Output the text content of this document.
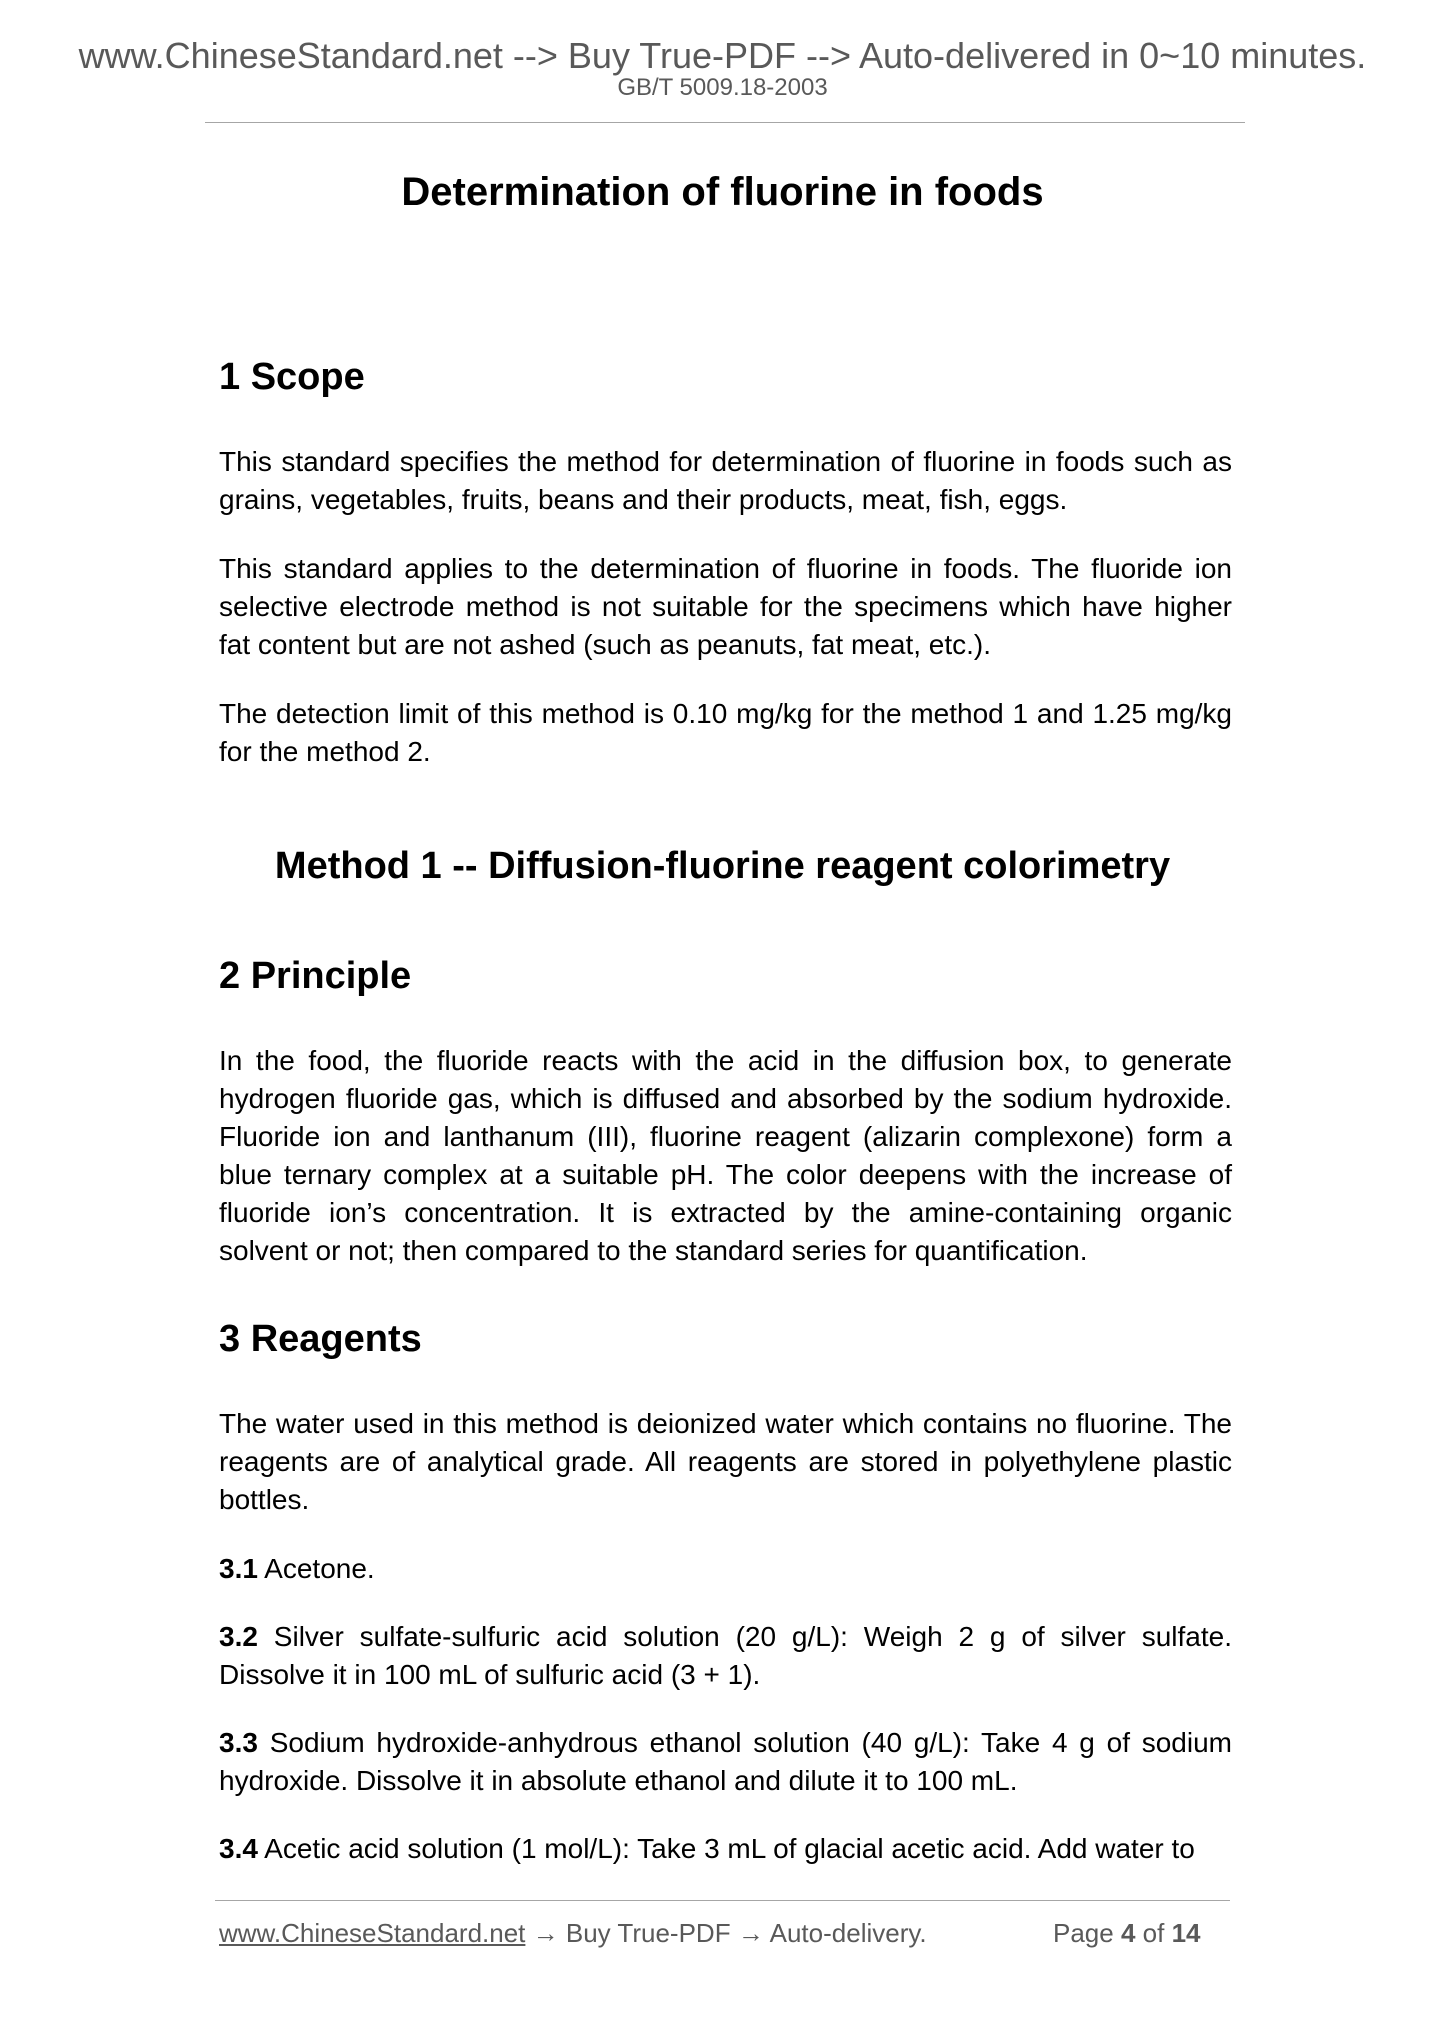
www.ChineseStandard.net --> Buy True-PDF --> Auto-delivered in 0~10 minutes.
GB/T 5009.18-2003
Determination of fluorine in foods
1 Scope

This standard specifies the method for determination of fluorine in foods such as grains, vegetables, fruits, beans and their products, meat, fish, eggs.

This standard applies to the determination of fluorine in foods. The fluoride ion selective electrode method is not suitable for the specimens which have higher fat content but are not ashed (such as peanuts, fat meat, etc.).

The detection limit of this method is 0.10 mg/kg for the method 1 and 1.25 mg/kg for the method 2.

Method 1 -- Diffusion-fluorine reagent colorimetry
2 Principle

In the food, the fluoride reacts with the acid in the diffusion box, to generate hydrogen fluoride gas, which is diffused and absorbed by the sodium hydroxide. Fluoride ion and lanthanum (III), fluorine reagent (alizarin complexone) form a blue ternary complex at a suitable pH. The color deepens with the increase of fluoride ion’s concentration. It is extracted by the amine-containing organic solvent or not; then compared to the standard series for quantification.

3 Reagents

The water used in this method is deionized water which contains no fluorine. The reagents are of analytical grade. All reagents are stored in polyethylene plastic bottles.

3.1 Acetone.

3.2 Silver sulfate-sulfuric acid solution (20 g/L): Weigh 2 g of silver sulfate. Dissolve it in 100 mL of sulfuric acid (3 + 1).

3.3 Sodium hydroxide-anhydrous ethanol solution (40 g/L): Take 4 g of sodium hydroxide. Dissolve it in absolute ethanol and dilute it to 100 mL.

3.4 Acetic acid solution (1 mol/L): Take 3 mL of glacial acetic acid. Add water to

www.ChineseStandard.net → Buy True-PDF → Auto-delivery.	Page 4 of 14
